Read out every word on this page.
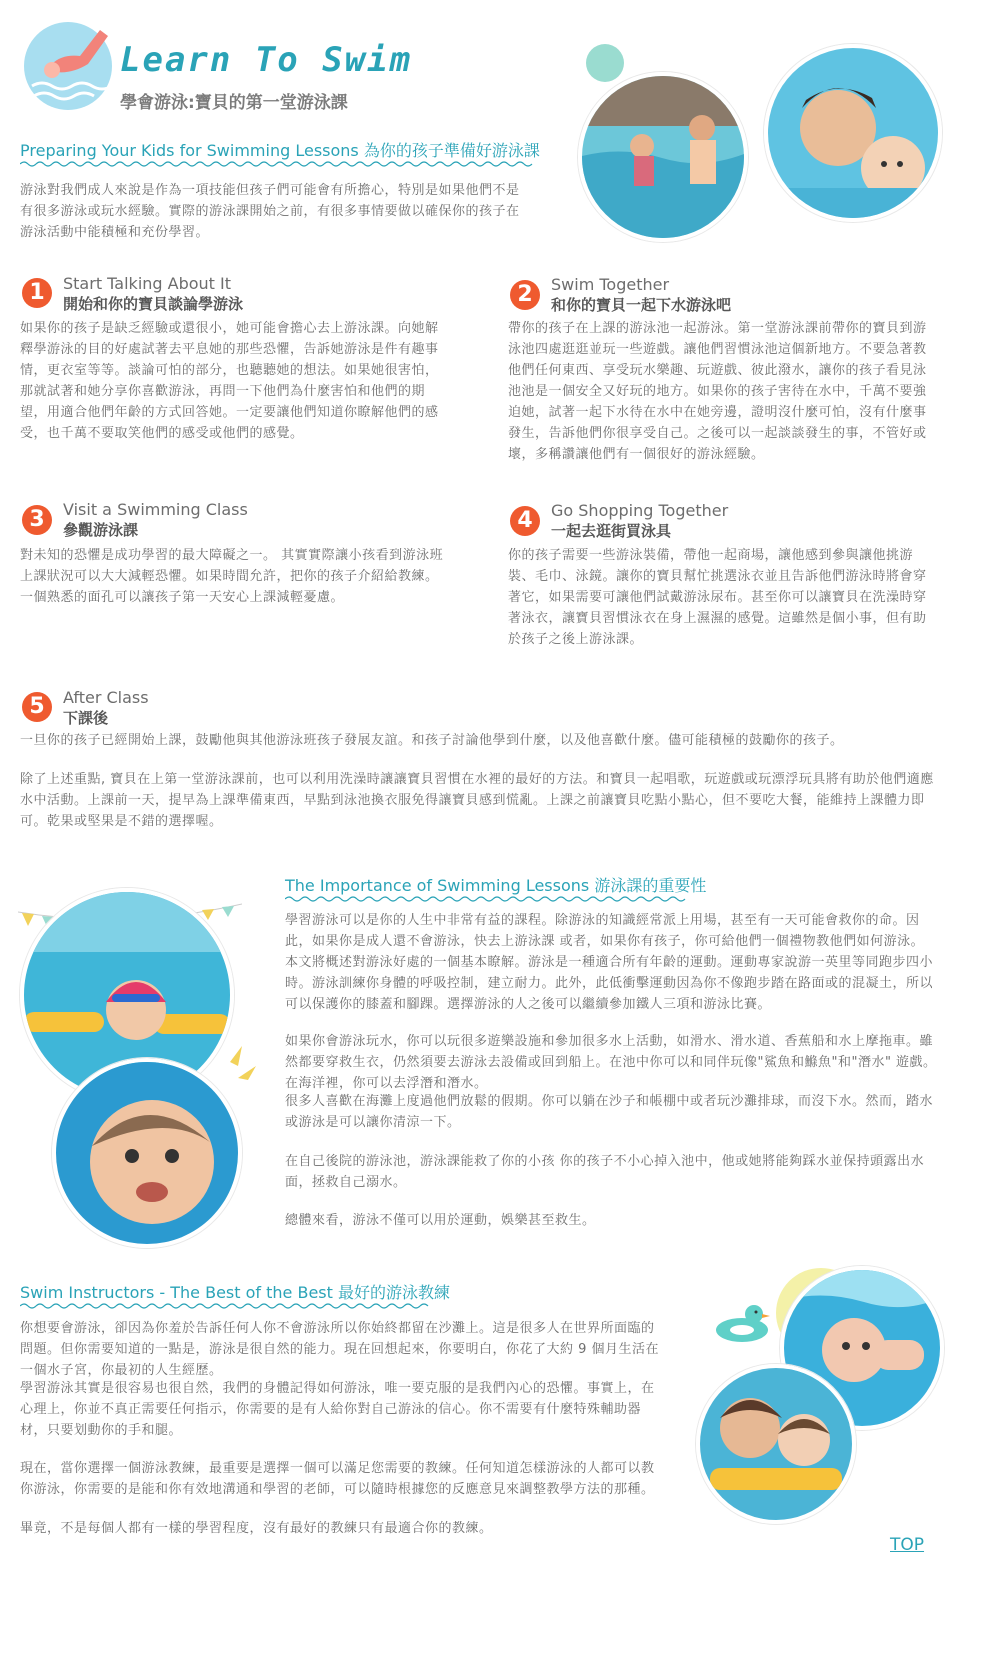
Learn To Swim
學會游泳:寶貝的第一堂游泳課
Preparing Your Kids for Swimming Lessons 為你的孩子準備好游泳課

游泳對我們成人來說是作為一項技能但孩子們可能會有所擔心，特別是如果他們不是有很多游泳或玩水經驗。實際的游泳課開始之前，有很多事情要做以確保你的孩子在游泳活動中能積極和充份學習。

1	Start Talking About It
開始和你的寶貝談論學游泳

如果你的孩子是缺乏經驗或還很小，她可能會擔心去上游泳課。向她解釋學游泳的目的好處試著去平息她的那些恐懼，告訴她游泳是件有趣事情，更衣室等等。談論可怕的部分，也聽聽她的想法。如果她很害怕，那就試著和她分享你喜歡游泳，再問一下他們為什麼害怕和他們的期望，用適合他們年齡的方式回答她。一定要讓他們知道你瞭解他們的感受，也千萬不要取笑他們的感受或他們的感覺。

2	Swim Together
和你的寶貝一起下水游泳吧

帶你的孩子在上課的游泳池一起游泳。第一堂游泳課前帶你的寶貝到游泳池四處逛逛並玩一些遊戲。讓他們習慣泳池這個新地方。不要急著教他們任何東西、享受玩水樂趣、玩遊戲、彼此潑水，讓你的孩子看見泳池池是一個安全又好玩的地方。如果你的孩子害待在水中，千萬不要強迫她，試著一起下水待在水中在她旁邊，證明沒什麼可怕，沒有什麼事發生，告訴他們你很享受自己。之後可以一起談談發生的事，不管好或壞，多稱讚讓他們有一個很好的游泳經驗。

3	Visit a Swimming Class
參觀游泳課

對未知的恐懼是成功學習的最大障礙之一。 其實實際讓小孩看到游泳班上課狀況可以大大減輕恐懼。如果時間允許，把你的孩子介紹給教練。一個熟悉的面孔可以讓孩子第一天安心上課減輕憂慮。

4	Go Shopping Together
一起去逛街買泳具

你的孩子需要一些游泳裝備，帶他一起商場，讓他感到參與讓他挑游裝、毛巾、泳鏡。讓你的寶貝幫忙挑選泳衣並且告訴他們游泳時將會穿著它，如果需要可讓他們試戴游泳尿布。甚至你可以讓寶貝在洗澡時穿著泳衣，讓寶貝習慣泳衣在身上濕濕的感覺。這雖然是個小事，但有助於孩子之後上游泳課。

5	After Class
下課後

一旦你的孩子已經開始上課，鼓勵他與其他游泳班孩子發展友誼。和孩子討論他學到什麼，以及他喜歡什麼。儘可能積極的鼓勵你的孩子。

除了上述重點, 寶貝在上第一堂游泳課前，也可以利用洗澡時讓讓寶貝習慣在水裡的最好的方法。和寶貝一起唱歌，玩遊戲或玩漂浮玩具將有助於他們適應水中活動。上課前一天，提早為上課準備東西，早點到泳池換衣服免得讓寶貝感到慌亂。上課之前讓寶貝吃點小點心，但不要吃大餐，能維持上課體力即可。乾果或堅果是不錯的選擇喔。

The Importance of Swimming Lessons 游泳課的重要性

學習游泳可以是你的人生中非常有益的課程。除游泳的知識經常派上用場，甚至有一天可能會救你的命。因此，如果你是成人還不會游泳，快去上游泳課 或者，如果你有孩子，你可給他們一個禮物教他們如何游泳。本文將概述對游泳好處的一個基本瞭解。游泳是一種適合所有年齡的運動。運動專家說游一英里等同跑步四小時。游泳訓練你身體的呼吸控制，建立耐力。此外，此低衝擊運動因為你不像跑步踏在路面或的混凝土，所以可以保護你的膝蓋和腳踝。選擇游泳的人之後可以繼續參加鐵人三項和游泳比賽。

如果你會游泳玩水，你可以玩很多遊樂設施和參加很多水上活動，如滑水、滑水道、香蕉船和水上摩拖車。雖然都要穿救生衣，仍然須要去游泳去設備或回到船上。在池中你可以和同伴玩像"鯊魚和鰷魚"和"潛水" 遊戲。在海洋裡，你可以去浮潛和潛水。

很多人喜歡在海灘上度過他們放鬆的假期。你可以躺在沙子和帳棚中或者玩沙灘排球，而沒下水。然而，踏水或游泳是可以讓你清涼一下。

在自己後院的游泳池，游泳課能救了你的小孩 你的孩子不小心掉入池中，他或她將能夠踩水並保持頭露出水面，拯救自己溺水。

總體來看，游泳不僅可以用於運動，娛樂甚至救生。

Swim Instructors - The Best of the Best 最好的游泳教練

你想要會游泳，卻因為你羞於告訴任何人你不會游泳所以你始終都留在沙灘上。這是很多人在世界所面臨的問題。但你需要知道的一點是，游泳是很自然的能力。現在回想起來，你要明白，你花了大約 9 個月生活在一個水子宮，你最初的人生經歷。

學習游泳其實是很容易也很自然，我們的身體記得如何游泳，唯一要克服的是我們內心的恐懼。事實上，在心理上，你並不真正需要任何指示，你需要的是有人給你對自己游泳的信心。你不需要有什麼特殊輔助器材，只要划動你的手和腿。

現在，當你選擇一個游泳教練，最重要是選擇一個可以滿足您需要的教練。任何知道怎樣游泳的人都可以教你游泳，你需要的是能和你有效地溝通和學習的老師，可以隨時根據您的反應意見來調整教學方法的那種。

畢竟，不是每個人都有一樣的學習程度，沒有最好的教練只有最適合你的教練。

TOP
